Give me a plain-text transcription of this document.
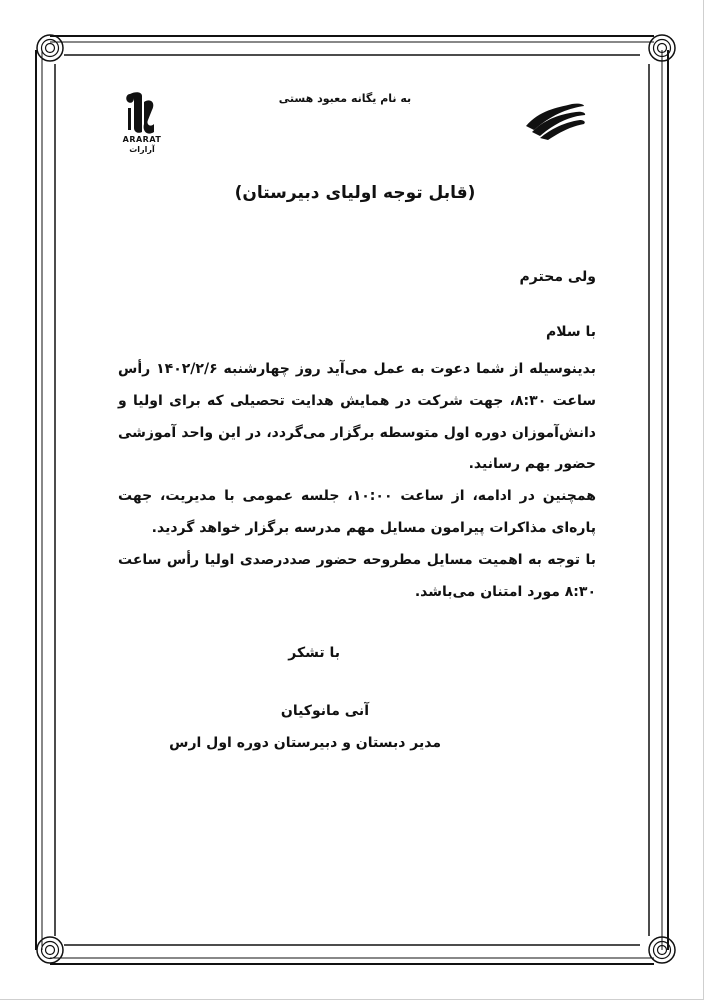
به نام یگانه معبود هستی
ARARAT
آرارات
(قابل توجه اولیای دبیرستان)
ولی محترم
با سلام

بدینوسیله از شما دعوت به عمل می‌آید روز چهارشنبه ۱۴۰۲/۲/۶ رأس ساعت ۸:۳۰، جهت شرکت در همایش هدایت تحصیلی که برای اولیا و دانش‌آموزان دوره اول متوسطه برگزار می‌گردد، در این واحد آموزشی حضور بهم رسانید.

همچنین در ادامه، از ساعت ۱۰:۰۰، جلسه عمومی با مدیریت، جهت پاره‌ای مذاکرات پیرامون مسایل مهم مدرسه برگزار خواهد گردید.

با توجه به اهمیت مسایل مطروحه حضور صددرصدی اولیا رأس ساعت ۸:۳۰ مورد امتنان می‌باشد.

با تشکر
آنی مانوکیان
مدیر دبستان و دبیرستان دوره اول ارس
